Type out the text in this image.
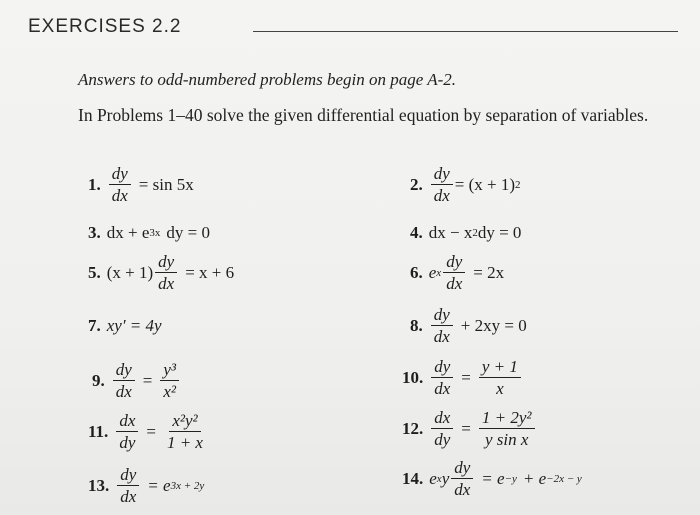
EXERCISES 2.2
Answers to odd-numbered problems begin on page A-2.
In Problems 1–40 solve the given differential equation by separation of variables.
1. $\frac{dy}{dx} = \sin 5x$	2. $\frac{dy}{dx} = (x + 1)$ 2
3. dx + e 3x dy = 0	4. dx − x 2 dy = 0
5. $(x + 1) \frac{dy}{dx} = x + 6$	6. e x $\frac{dy}{dx} = 2x$
7. xy′ = 4y	8. $\frac{dy}{dx} + 2xy = 0$
9. $\frac{dy}{dx} = \frac{\text{y³}}{\text{x²}}$	10. $\frac{dy}{dx} = \frac{y + 1}{x}$
11. $\frac{dx}{dy} = \frac{\text{x²y²}}{1 + x}$	12. $\frac{dx}{dy} = \frac{\text{1 + 2y²}}{\text{y sin x}}$
13. $\frac{dy}{dx} = e$ 3x + 2y	14. e x y $\frac{dy}{dx} = e -y + e -2x - y$
